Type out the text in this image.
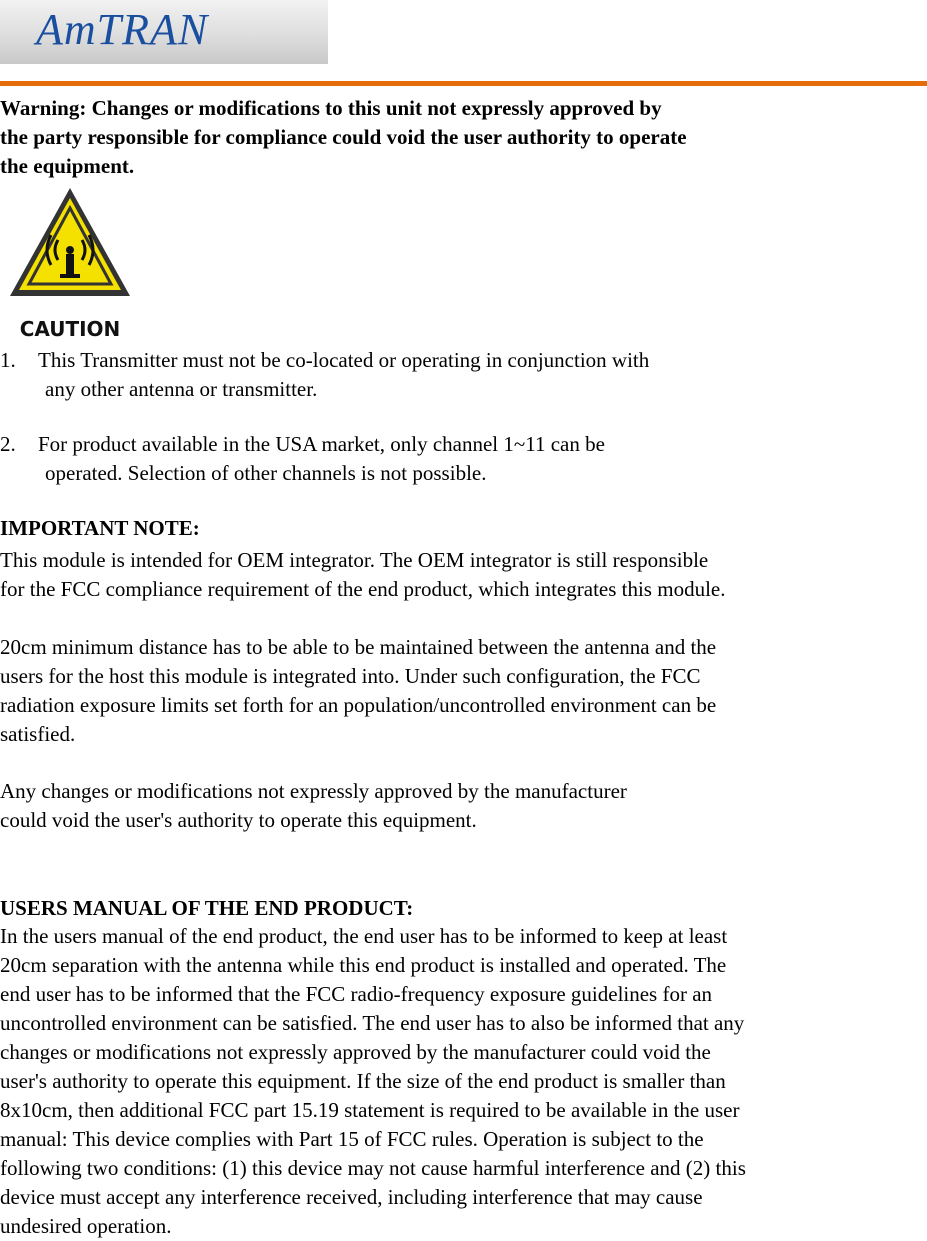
AmTRAN
Warning: Changes or modifications to this unit not expressly approved by
the party responsible for compliance could void the user authority to operate
the equipment.
CAUTION
1. This Transmitter must not be co-located or operating in conjunction with
any other antenna or transmitter.
2. For product available in the USA market, only channel 1~11 can be
operated. Selection of other channels is not possible.
IMPORTANT NOTE:
This module is intended for OEM integrator. The OEM integrator is still responsible
for the FCC compliance requirement of the end product, which integrates this module.
20cm minimum distance has to be able to be maintained between the antenna and the
users for the host this module is integrated into. Under such configuration, the FCC
radiation exposure limits set forth for an population/uncontrolled environment can be
satisfied.
Any changes or modifications not expressly approved by the manufacturer
could void the user's authority to operate this equipment.
USERS MANUAL OF THE END PRODUCT:
In the users manual of the end product, the end user has to be informed to keep at least
20cm separation with the antenna while this end product is installed and operated. The
end user has to be informed that the FCC radio-frequency exposure guidelines for an
uncontrolled environment can be satisfied. The end user has to also be informed that any
changes or modifications not expressly approved by the manufacturer could void the
user's authority to operate this equipment. If the size of the end product is smaller than
8x10cm, then additional FCC part 15.19 statement is required to be available in the user
manual: This device complies with Part 15 of FCC rules. Operation is subject to the
following two conditions: (1) this device may not cause harmful interference and (2) this
device must accept any interference received, including interference that may cause
undesired operation.
